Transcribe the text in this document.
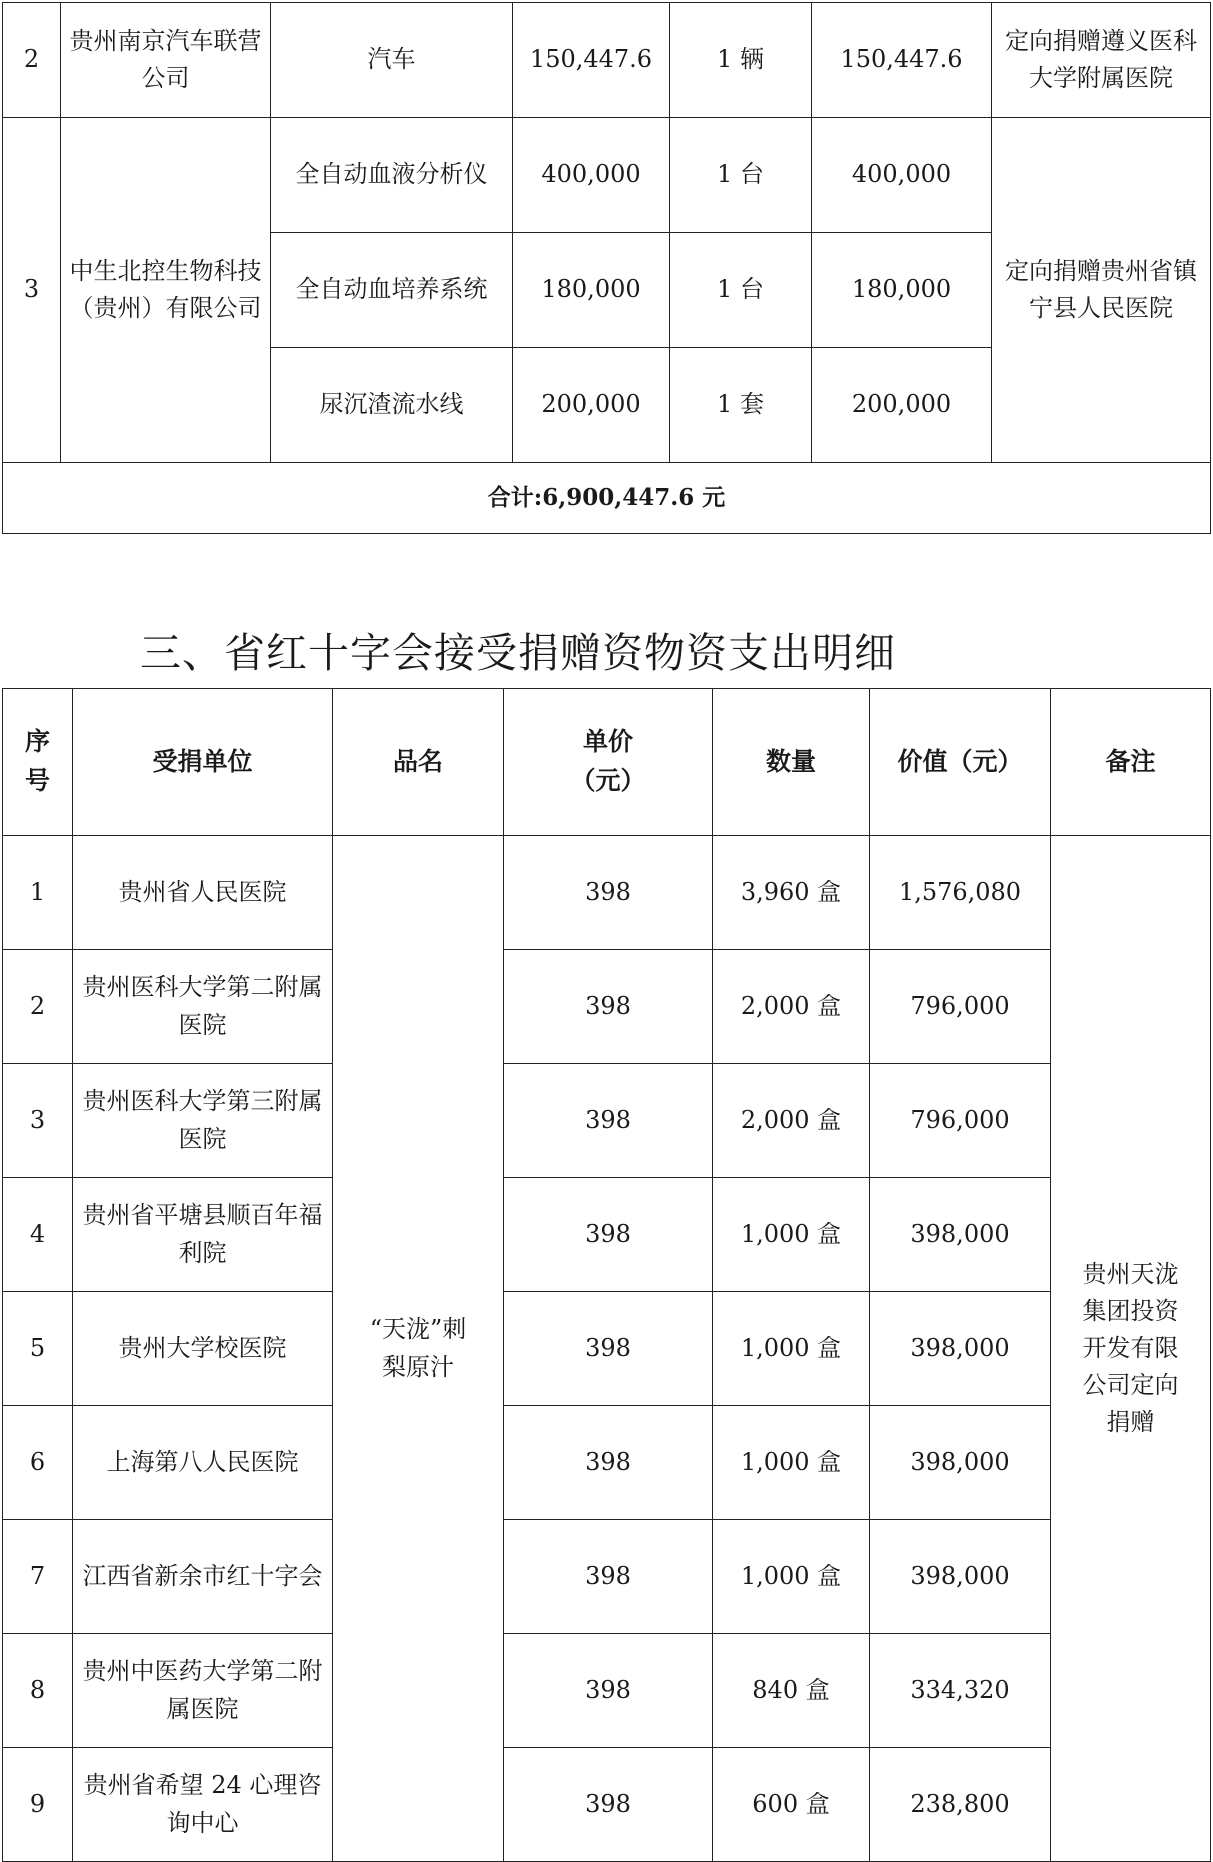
2	贵州南京汽车联营公司	汽车	150,447.6	1 辆	150,447.6	定向捐赠遵义医科大学附属医院
3	中生北控生物科技（贵州）有限公司	全自动血液分析仪	400,000	1 台	400,000	定向捐赠贵州省镇宁县人民医院
		全自动血培养系统	180,000	1 台	180,000	
		尿沉渣流水线	200,000	1 套	200,000	
合计:6,900,447.6 元						
三、省红十字会接受捐赠资物资支出明细
序号	受捐单位	品名	单价（元）	数量	价值（元）	备注
1	贵州省人民医院	“天泷”刺梨原汁	398	3,960 盒	1,576,080	贵州天泷集团投资开发有限公司定向捐赠
2	贵州医科大学第二附属医院		398	2,000 盒	796,000	
3	贵州医科大学第三附属医院		398	2,000 盒	796,000	
4	贵州省平塘县顺百年福利院		398	1,000 盒	398,000	
5	贵州大学校医院		398	1,000 盒	398,000	
6	上海第八人民医院		398	1,000 盒	398,000	
7	江西省新余市红十字会		398	1,000 盒	398,000	
8	贵州中医药大学第二附属医院		398	840 盒	334,320	
9	贵州省希望 24 心理咨询中心		398	600 盒	238,800	
